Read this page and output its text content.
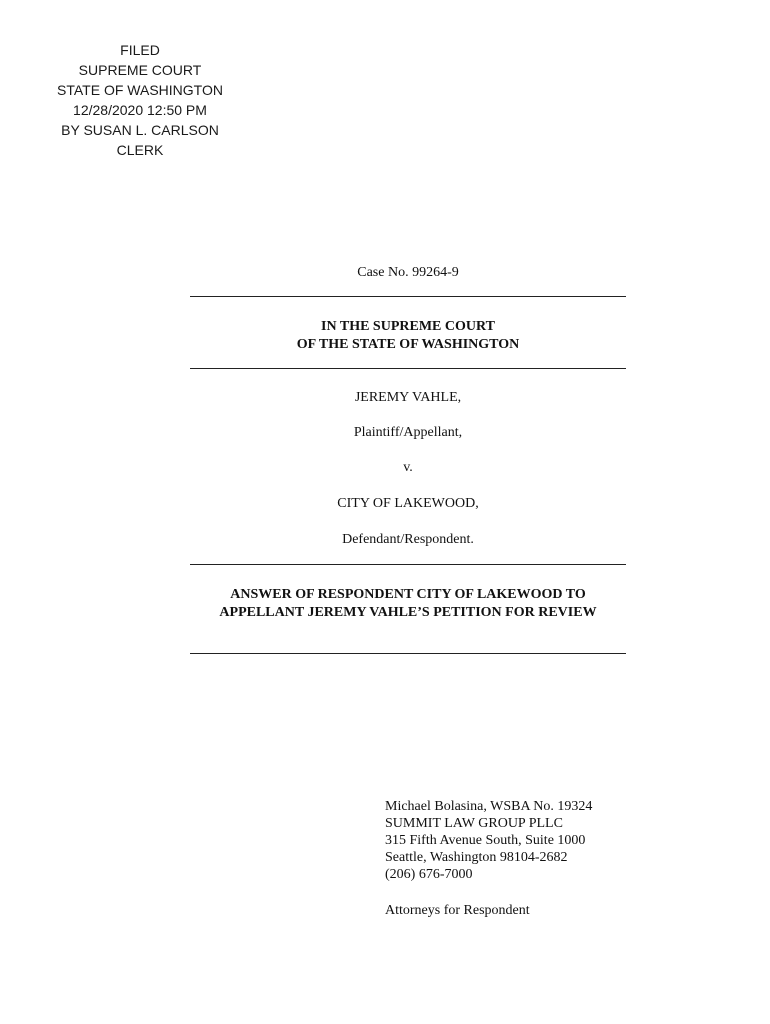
FILED
SUPREME COURT
STATE OF WASHINGTON
12/28/2020 12:50 PM
BY SUSAN L. CARLSON
CLERK
Case No. 99264-9
IN THE SUPREME COURT
OF THE STATE OF WASHINGTON
JEREMY VAHLE,
Plaintiff/Appellant,
v.
CITY OF LAKEWOOD,
Defendant/Respondent.
ANSWER OF RESPONDENT CITY OF LAKEWOOD TO
APPELLANT JEREMY VAHLE’S PETITION FOR REVIEW
Michael Bolasina, WSBA No. 19324
SUMMIT LAW GROUP PLLC
315 Fifth Avenue South, Suite 1000
Seattle, Washington 98104-2682
(206) 676-7000
Attorneys for Respondent
